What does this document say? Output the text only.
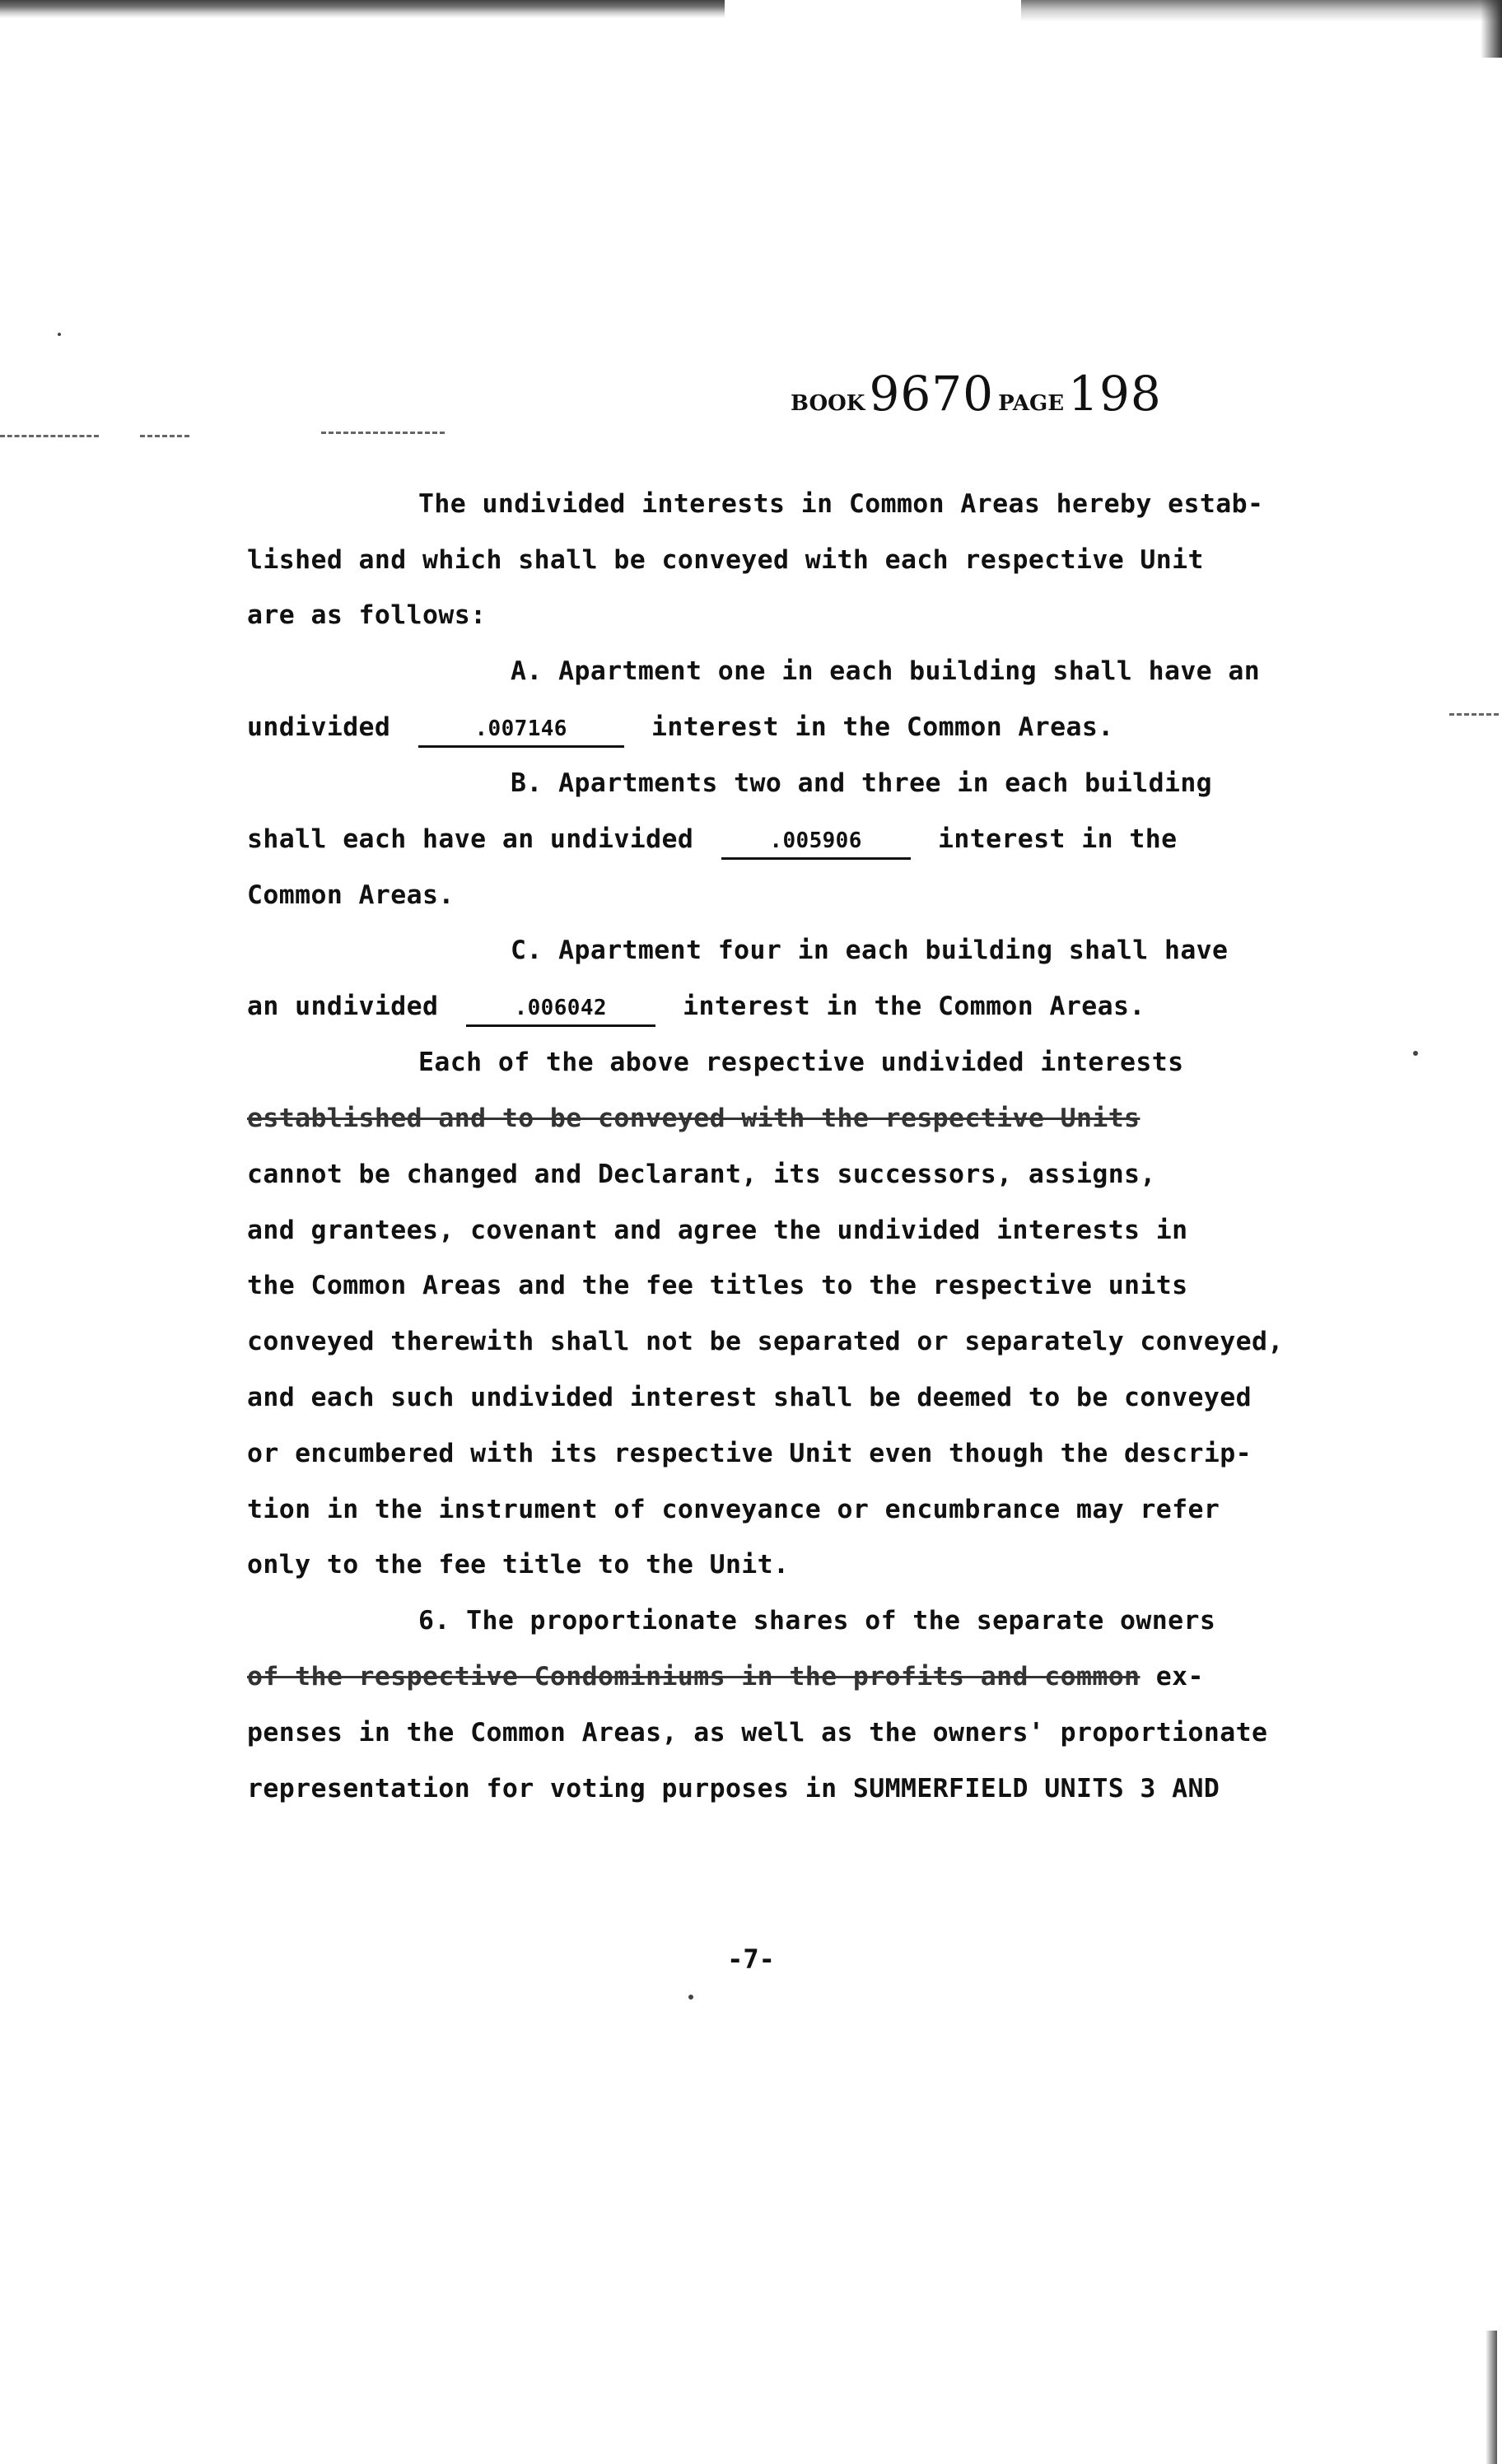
BOOK 9670 PAGE 198
The undivided interests in Common Areas hereby estab-
lished and which shall be conveyed with each respective Unit
are as follows:
A. Apartment one in each building shall have an
undivided	.007146	interest in the Common Areas.
B. Apartments two and three in each building
shall each have an undivided	.005906	interest in the
Common Areas.
C. Apartment four in each building shall have
an undivided	.006042	interest in the Common Areas.
Each of the above respective undivided interests
established and to be conveyed with the respective Units
cannot be changed and Declarant, its successors, assigns,
and grantees, covenant and agree the undivided interests in
the Common Areas and the fee titles to the respective units
conveyed therewith shall not be separated or separately conveyed,
and each such undivided interest shall be deemed to be conveyed
or encumbered with its respective Unit even though the descrip-
tion in the instrument of conveyance or encumbrance may refer
only to the fee title to the Unit.
6. The proportionate shares of the separate owners
of the respective Condominiums in the profits and common ex-
penses in the Common Areas, as well as the owners' proportionate
representation for voting purposes in SUMMERFIELD UNITS 3 AND
-7-
